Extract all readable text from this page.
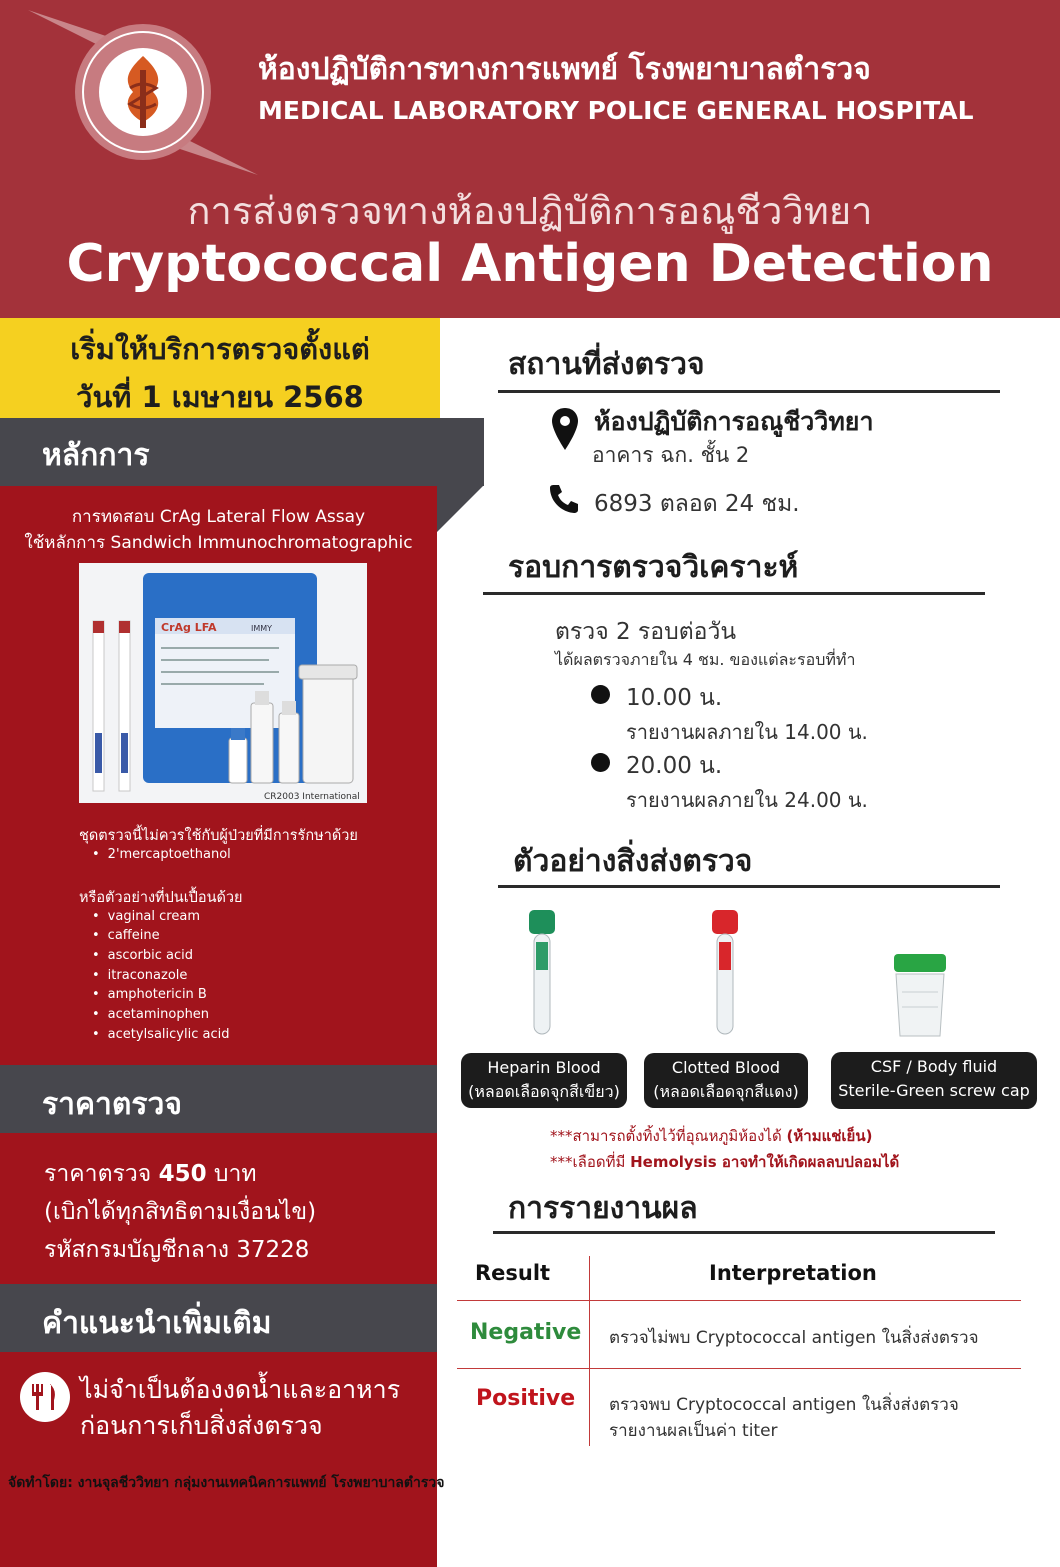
ห้องปฏิบัติการทางการแพทย์ โรงพยาบาลตำรวจ
MEDICAL LABORATORY POLICE GENERAL HOSPITAL
การส่งตรวจทางห้องปฏิบัติการอณูชีววิทยา
Cryptococcal Antigen Detection
เริ่มให้บริการตรวจตั้งแต่
วันที่ 1 เมษายน 2568
หลักการ
การทดสอบ CrAg Lateral Flow Assay
ใช้หลักการ Sandwich Immunochromatographic
CrAg LFA	IMMY
CR2003 International
ชุดตรวจนี้ไม่ควรใช้กับผู้ป่วยที่มีการรักษาด้วย
• 2'mercaptoethanol
หรือตัวอย่างที่ปนเปื้อนด้วย
• vaginal cream
• caffeine
• ascorbic acid
• itraconazole
• amphotericin B
• acetaminophen
• acetylsalicylic acid
ราคาตรวจ
ราคาตรวจ 450 บาท
(เบิกได้ทุกสิทธิตามเงื่อนไข)
รหัสกรมบัญชีกลาง 37228
คำแนะนำเพิ่มเติม
ไม่จำเป็นต้องงดน้ำและอาหาร
ก่อนการเก็บสิ่งส่งตรวจ
สถานที่ส่งตรวจ
ห้องปฏิบัติการอณูชีววิทยา
อาคาร ฉก. ชั้น 2
6893 ตลอด 24 ชม.
รอบการตรวจวิเคราะห์
ตรวจ 2 รอบต่อวัน
ได้ผลตรวจภายใน 4 ชม. ของแต่ละรอบที่ทำ
10.00 น.
รายงานผลภายใน 14.00 น.
20.00 น.
รายงานผลภายใน 24.00 น.
ตัวอย่างสิ่งส่งตรวจ
Heparin Blood
(หลอดเลือดจุกสีเขียว)
Clotted Blood
(หลอดเลือดจุกสีแดง)
CSF / Body fluid
Sterile-Green screw cap
***สามารถตั้งทิ้งไว้ที่อุณหภูมิห้องได้ (ห้ามแช่เย็น)
***เลือดที่มี Hemolysis อาจทำให้เกิดผลลบปลอมได้
การรายงานผล
Result	Interpretation
Negative ตรวจไม่พบ Cryptococcal antigen ในสิ่งส่งตรวจ
Positive ตรวจพบ Cryptococcal antigen ในสิ่งส่งตรวจ
รายงานผลเป็นค่า titer
จัดทำโดย: งานจุลชีววิทยา กลุ่มงานเทคนิคการแพทย์ โรงพยาบาลตำรวจ
